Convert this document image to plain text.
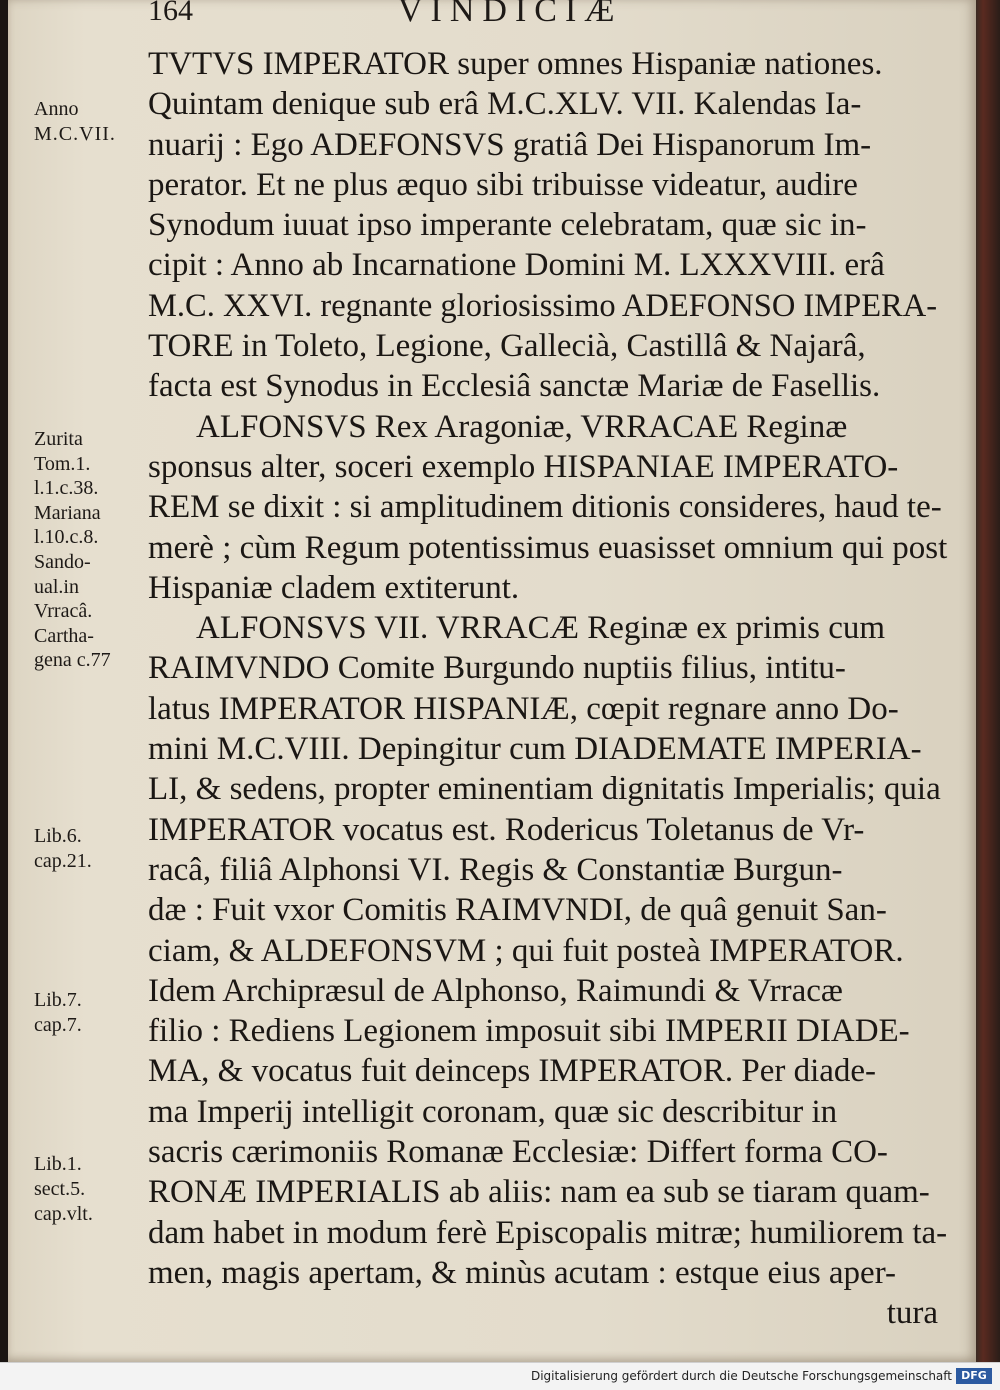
164	VINDICIÆ
Anno
M.C.VII.
Zurita
Tom.1.
l.1.c.38.
Mariana
l.10.c.8.
Sando-
ual.in
Vrracâ.
Cartha-
gena c.77
Lib.6.
cap.21.
Lib.7.
cap.7.
Lib.1.
sect.5.
cap.vlt.
TVTVS IMPERATOR super omnes Hispaniæ nationes.
Quintam denique sub erâ M.C.XLV. VII. Kalendas Ia-
nuarij : Ego ADEFONSVS gratiâ Dei Hispanorum Im-
perator. Et ne plus æquo sibi tribuisse videatur, audire
Synodum iuuat ipso imperante celebratam, quæ sic in-
cipit : Anno ab Incarnatione Domini M. LXXXVIII. erâ
M.C. XXVI. regnante gloriosissimo ADEFONSO IMPERA-
TORE in Toleto, Legione, Gallecià, Castillâ & Najarâ,
facta est Synodus in Ecclesiâ sanctæ Mariæ de Fasellis.
ALFONSVS Rex Aragoniæ, VRRACAE Reginæ
sponsus alter, soceri exemplo HISPANIAE IMPERATO-
REM se dixit : si amplitudinem ditionis consideres, haud te-
merè ; cùm Regum potentissimus euasisset omnium qui post
Hispaniæ cladem extiterunt.
ALFONSVS VII. VRRACÆ Reginæ ex primis cum
RAIMVNDO Comite Burgundo nuptiis filius, intitu-
latus IMPERATOR HISPANIÆ, cœpit regnare anno Do-
mini M.C.VIII. Depingitur cum DIADEMATE IMPERIA-
LI, & sedens, propter eminentiam dignitatis Imperialis; quia
IMPERATOR vocatus est. Rodericus Toletanus de Vr-
racâ, filiâ Alphonsi VI. Regis & Constantiæ Burgun-
dæ : Fuit vxor Comitis RAIMVNDI, de quâ genuit San-
ciam, & ALDEFONSVM ; qui fuit posteà IMPERATOR.
Idem Archipræsul de Alphonso, Raimundi & Vrracæ
filio : Rediens Legionem imposuit sibi IMPERII DIADE-
MA, & vocatus fuit deinceps IMPERATOR. Per diade-
ma Imperij intelligit coronam, quæ sic describitur in
sacris cærimoniis Romanæ Ecclesiæ: Differt forma CO-
RONÆ IMPERIALIS ab aliis: nam ea sub se tiaram quam-
dam habet in modum ferè Episcopalis mitræ; humiliorem ta-
men, magis apertam, & minùs acutam : estque eius aper-
tura
Digitalisierung gefördert durch die Deutsche Forschungsgemeinschaft DFG
